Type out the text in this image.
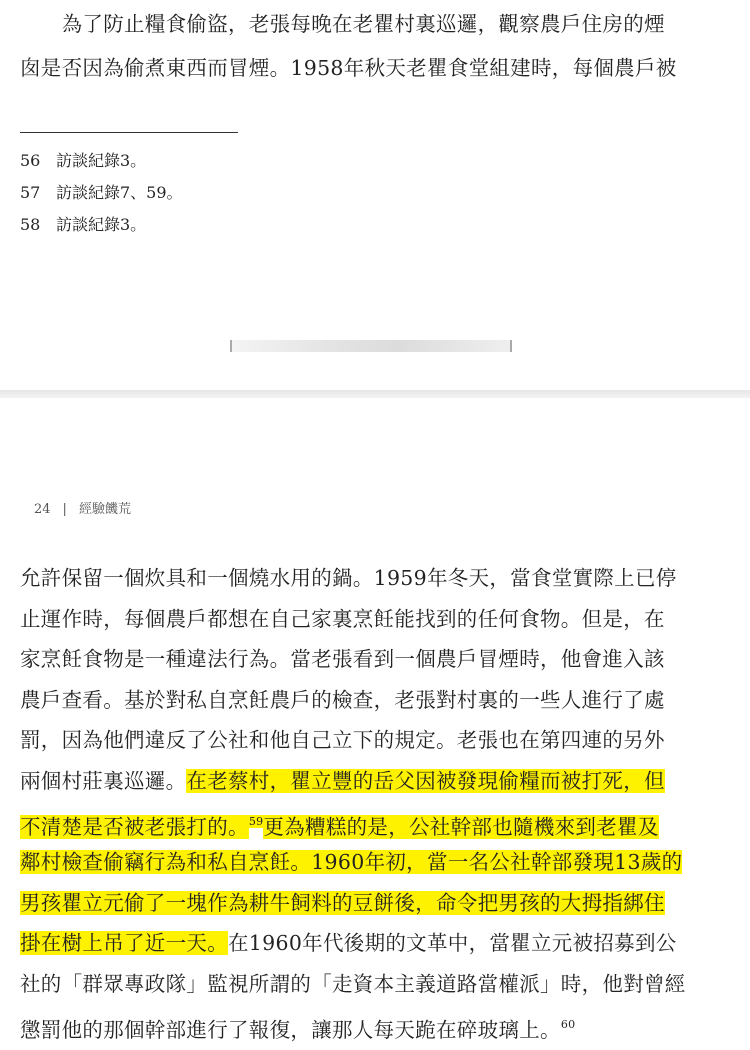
　　為了防止糧食偷盜，老張每晚在老瞿村裏巡邏，觀察農戶住房的煙
囱是否因為偷煮東西而冒煙。1958年秋天老瞿食堂組建時，每個農戶被
56 訪談紀錄3。
57 訪談紀錄7、59。
58 訪談紀錄3。
24 | 經驗饑荒
允許保留一個炊具和一個燒水用的鍋。1959年冬天，當食堂實際上已停
止運作時，每個農戶都想在自己家裏烹飪能找到的任何食物。但是，在
家烹飪食物是一種違法行為。當老張看到一個農戶冒煙時，他會進入該
農戶查看。基於對私自烹飪農戶的檢查，老張對村裏的一些人進行了處
罰，因為他們違反了公社和他自己立下的規定。老張也在第四連的另外
兩個村莊裏巡邏。在老蔡村，瞿立豐的岳父因被發現偷糧而被打死，但
不清楚是否被老張打的。$^{59}$更為糟糕的是，公社幹部也隨機來到老瞿及
鄰村檢查偷竊行為和私自烹飪。1960年初，當一名公社幹部發現13歲的
男孩瞿立元偷了一塊作為耕牛飼料的豆餅後，命令把男孩的大拇指綁住
掛在樹上吊了近一天。在1960年代後期的文革中，當瞿立元被招募到公
社的「群眾專政隊」監視所謂的「走資本主義道路當權派」時，他對曾經
懲罰他的那個幹部進行了報復，讓那人每天跪在碎玻璃上。$^{60}$
